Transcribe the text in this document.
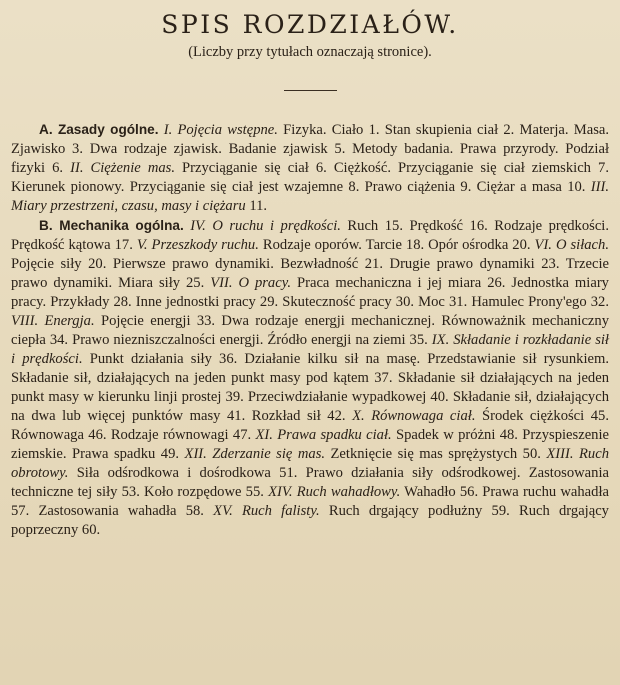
SPIS ROZDZIAŁÓW.
(Liczby przy tytułach oznaczają stronice).

A. Zasady ogólne. I. Pojęcia wstępne. Fizyka. Ciało 1. Stan skupienia ciał 2. Materja. Masa. Zjawisko 3. Dwa rodzaje zjawisk. Badanie zjawisk 5. Metody badania. Prawa przyrody. Podział fizyki 6. II. Ciężenie mas. Przyciąganie się ciał 6. Ciężkość. Przyciąganie się ciał ziemskich 7. Kierunek pionowy. Przyciąganie się ciał jest wzajemne 8. Prawo ciążenia 9. Ciężar a masa 10. III. Miary przestrzeni, czasu, masy i ciężaru 11.

B. Mechanika ogólna. IV. O ruchu i prędkości. Ruch 15. Prędkość 16. Rodzaje prędkości. Prędkość kątowa 17. V. Przeszkody ruchu. Rodzaje oporów. Tarcie 18. Opór ośrodka 20. VI. O siłach. Pojęcie siły 20. Pierwsze prawo dynamiki. Bezwładność 21. Drugie prawo dynamiki 23. Trzecie prawo dynamiki. Miara siły 25. VII. O pracy. Praca mechaniczna i jej miara 26. Jednostka miary pracy. Przykłady 28. Inne jednostki pracy 29. Skuteczność pracy 30. Moc 31. Hamulec Prony'ego 32. VIII. Energja. Pojęcie energji 33. Dwa rodzaje energji mechanicznej. Równoważnik mechaniczny ciepła 34. Prawo niezniszczalności energji. Źródło energji na ziemi 35. IX. Składanie i rozkładanie sił i prędkości. Punkt działania siły 36. Działanie kilku sił na masę. Przedstawianie sił rysunkiem. Składanie sił, działających na jeden punkt masy pod kątem 37. Składanie sił działających na jeden punkt masy w kierunku linji prostej 39. Przeciwdziałanie wypadkowej 40. Składanie sił, działających na dwa lub więcej punktów masy 41. Rozkład sił 42. X. Równowaga ciał. Środek ciężkości 45. Równowaga 46. Rodzaje równowagi 47. XI. Prawa spadku ciał. Spadek w próżni 48. Przyspieszenie ziemskie. Prawa spadku 49. XII. Zderzanie się mas. Zetknięcie się mas sprężystych 50. XIII. Ruch obrotowy. Siła odśrodkowa i dośrodkowa 51. Prawo działania siły odśrodkowej. Zastosowania techniczne tej siły 53. Koło rozpędowe 55. XIV. Ruch wahadłowy. Wahadło 56. Prawa ruchu wahadła 57. Zastosowania wahadła 58. XV. Ruch falisty. Ruch drgający podłużny 59. Ruch drgający poprzeczny 60.
